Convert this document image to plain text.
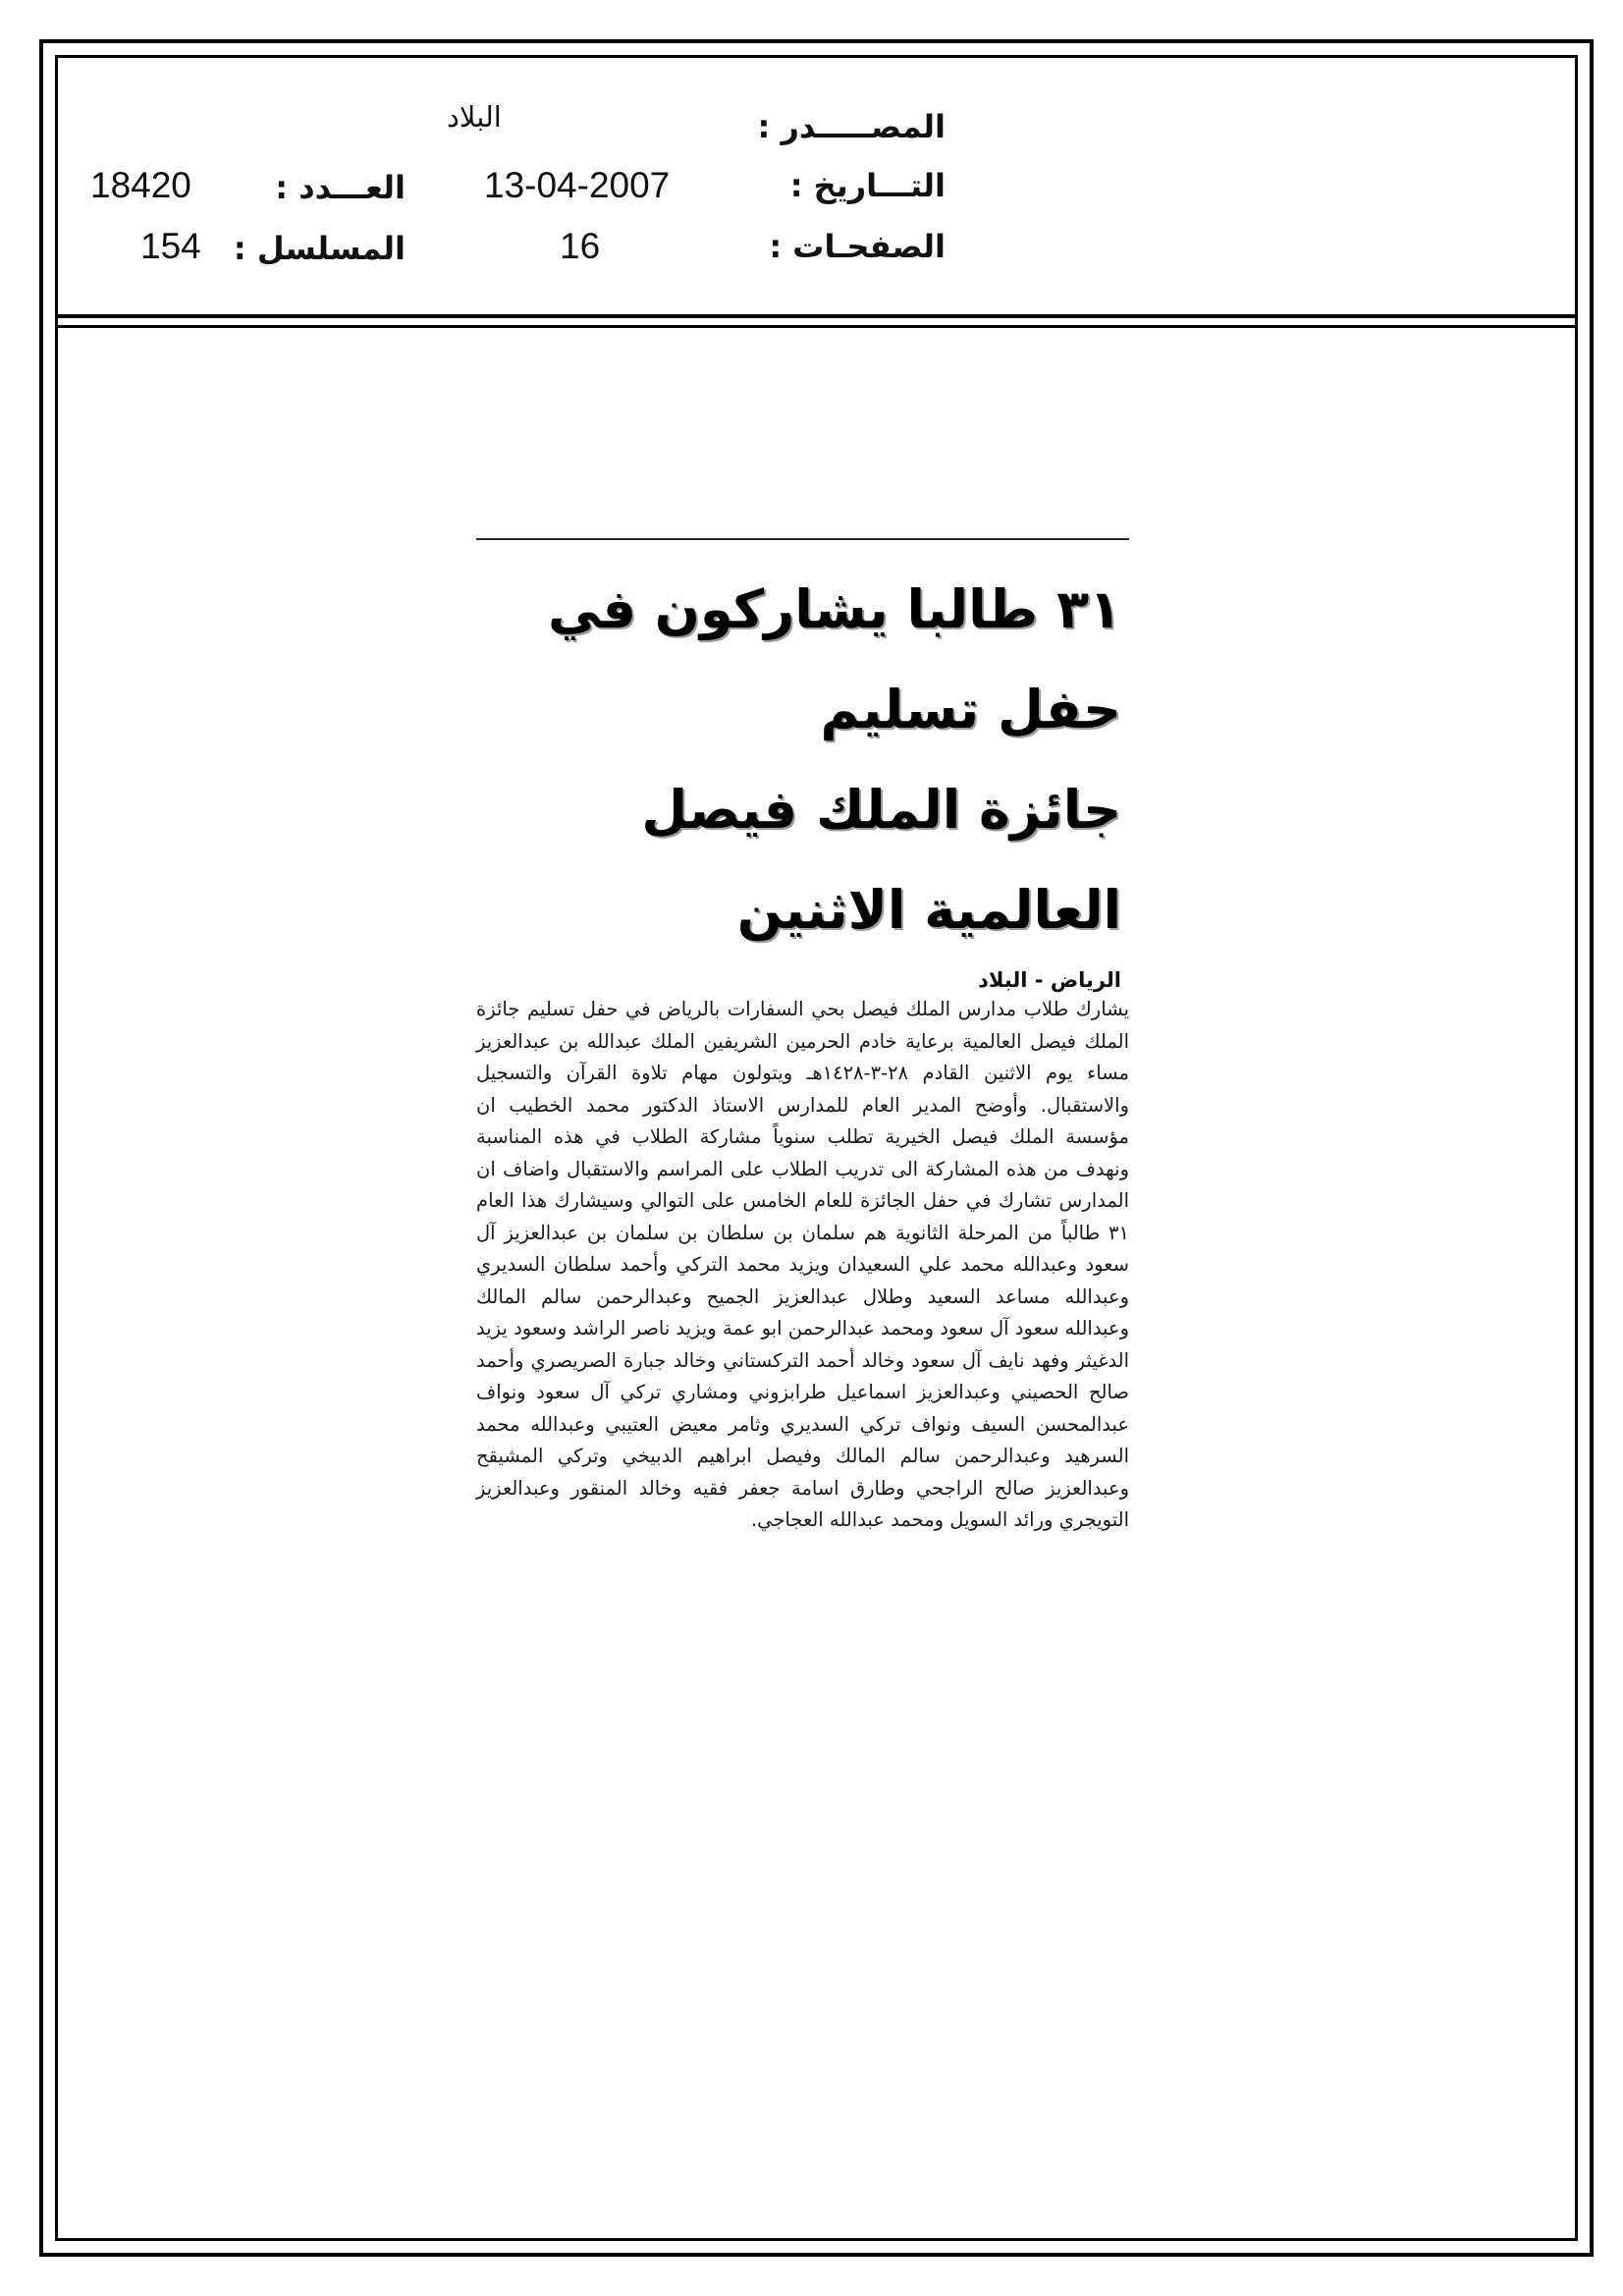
المصـــــدر :
البلاد
التـــاريخ :
13-04-2007
الصفحـات :
16
العـــدد :
18420
المسلسل :
154
٣١ طالبا يشاركون في حفل تسليم
جائزة الملك فيصل العالمية الاثنين
الرياض - البلاد

يشارك طلاب مدارس الملك فيصل بحي السفارات بالرياض في حفل تسليم جائزة الملك فيصل العالمية برعاية خادم الحرمين الشريفين الملك عبدالله بن عبدالعزيز مساء يوم الاثنين القادم ٢٨-٣-١٤٢٨هـ ويتولون مهام تلاوة القرآن والتسجيل والاستقبال. وأوضح المدير العام للمدارس الاستاذ الدكتور محمد الخطيب ان مؤسسة الملك فيصل الخيرية تطلب سنوياً مشاركة الطلاب في هذه المناسبة ونهدف من هذه المشاركة الى تدريب الطلاب على المراسم والاستقبال واضاف ان المدارس تشارك في حفل الجائزة للعام الخامس على التوالي وسيشارك هذا العام ٣١ طالباً من المرحلة الثانوية هم سلمان بن سلطان بن سلمان بن عبدالعزيز آل سعود وعبدالله محمد علي السعيدان ويزيد محمد التركي وأحمد سلطان السديري وعبدالله مساعد السعيد وطلال عبدالعزيز الجميح وعبدالرحمن سالم المالك وعبدالله سعود آل سعود ومحمد عبدالرحمن ابو عمة ويزيد ناصر الراشد وسعود يزيد الدغيثر وفهد نايف آل سعود وخالد أحمد التركستاني وخالد جبارة الصريصري وأحمد صالح الحصيني وعبدالعزيز اسماعيل طرابزوني ومشاري تركي آل سعود ونواف عبدالمحسن السيف ونواف تركي السديري وثامر معيض العتيبي وعبدالله محمد السرهيد وعبدالرحمن سالم المالك وفيصل ابراهيم الدبيخي وتركي المشيقح وعبدالعزيز صالح الراجحي وطارق اسامة جعفر فقيه وخالد المنقور وعبدالعزيز التويجري ورائد السويل ومحمد عبدالله العجاجي.
